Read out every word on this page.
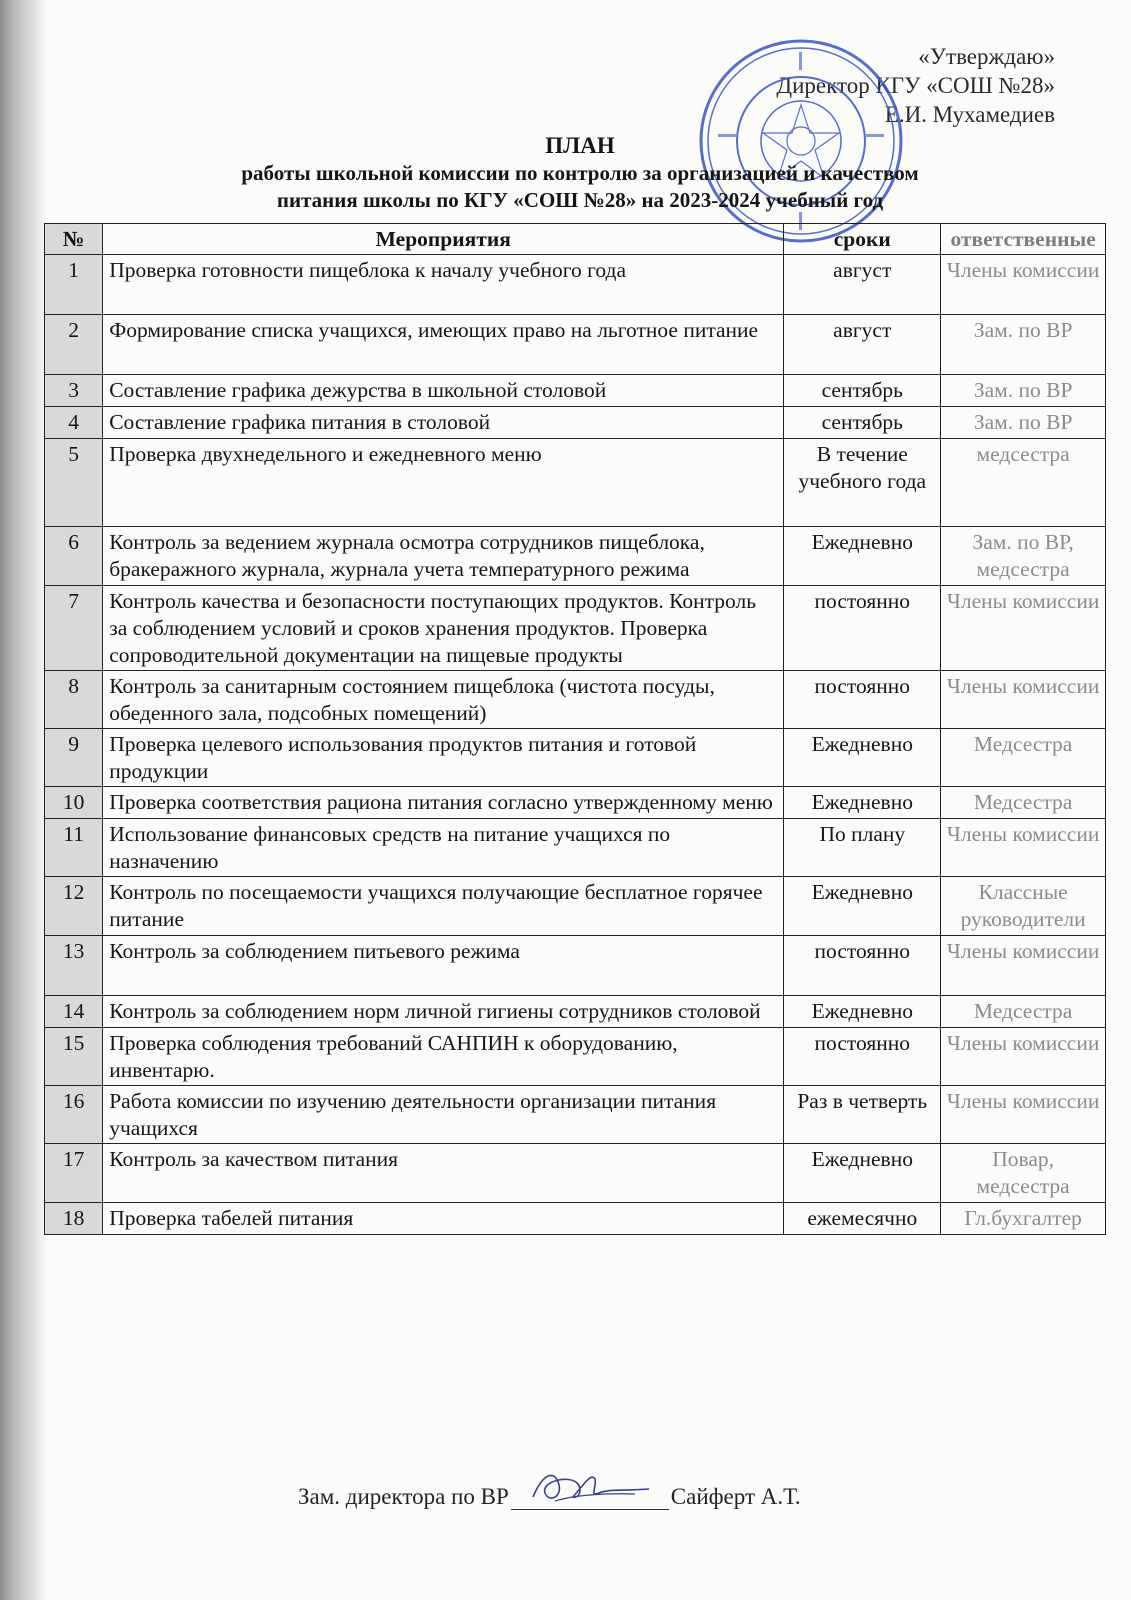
«Утверждаю»
Директор КГУ «СОШ №28»
Е.И. Мухамедиев
ПЛАН
работы школьной комиссии по контролю за организацией и качеством
питания школы по КГУ «СОШ №28» на 2023-2024 учебный год
№	Мероприятия	сроки	ответственные
1	Проверка готовности пищеблока к началу учебного года	август	Члены комиссии
2	Формирование списка учащихся, имеющих право на льготное питание	август	Зам. по ВР
3	Составление графика дежурства в школьной столовой	сентябрь	Зам. по ВР
4	Составление графика питания в столовой	сентябрь	Зам. по ВР
5	Проверка двухнедельного и ежедневного меню	В течение учебного года	медсестра
6	Контроль за ведением журнала осмотра сотрудников пищеблока, бракеражного журнала, журнала учета температурного режима	Ежедневно	Зам. по ВР, медсестра
7	Контроль качества и безопасности поступающих продуктов. Контроль за соблюдением условий и сроков хранения продуктов. Проверка сопроводительной документации на пищевые продукты	постоянно	Члены комиссии
8	Контроль за санитарным состоянием пищеблока (чистота посуды, обеденного зала, подсобных помещений)	постоянно	Члены комиссии
9	Проверка целевого использования продуктов питания и готовой продукции	Ежедневно	Медсестра
10	Проверка соответствия рациона питания согласно утвержденному меню	Ежедневно	Медсестра
11	Использование финансовых средств на питание учащихся по назначению	По плану	Члены комиссии
12	Контроль по посещаемости учащихся получающие бесплатное горячее питание	Ежедневно	Классные руководители
13	Контроль за соблюдением питьевого режима	постоянно	Члены комиссии
14	Контроль за соблюдением норм личной гигиены сотрудников столовой	Ежедневно	Медсестра
15	Проверка соблюдения требований САНПИН к оборудованию, инвентарю.	постоянно	Члены комиссии
16	Работа комиссии по изучению деятельности организации питания учащихся	Раз в четверть	Члены комиссии
17	Контроль за качеством питания	Ежедневно	Повар, медсестра
18	Проверка табелей питания	ежемесячно	Гл.бухгалтер
Зам. директора по ВР	Сайферт А.Т.
